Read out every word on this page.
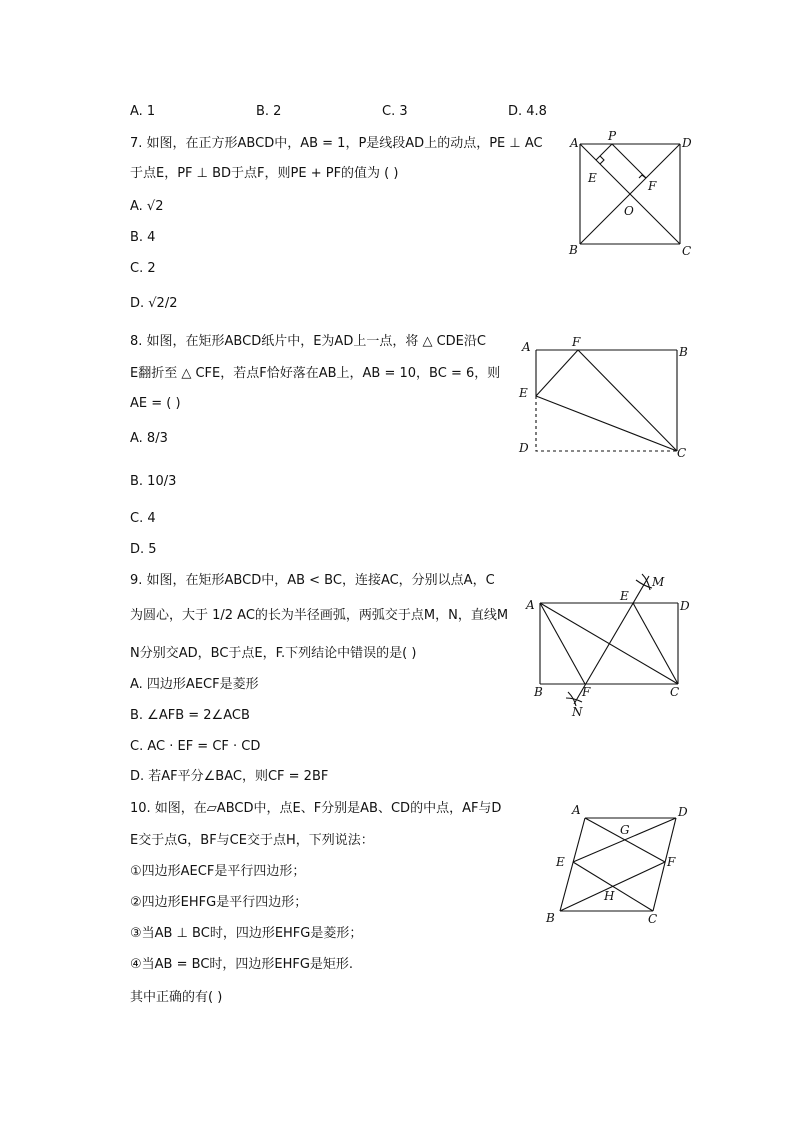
A. 1	B. 2	C. 3	D. 4.8
7. 如图，在正方形ABCD中，AB = 1，P是线段AD上的动点，PE ⊥ AC
于点E，PF ⊥ BD于点F，则PE + PF的值为 ( )
A. √2
B. 4
C. 2
D. √2/2
A P	D
E
F
O
B	C
8. 如图，在矩形ABCD纸片中，E为AD上一点，将 △ CDE沿C
E翻折至 △ CFE，若点F恰好落在AB上，AB = 10，BC = 6，则
AE = ( )
A. 8/3
B. 10/3
C. 4
D. 5
A	F
B
E
D	C
9. 如图，在矩形ABCD中，AB < BC，连接AC，分别以点A，C
为圆心，大于 1/2 AC的长为半径画弧，两弧交于点M，N，直线M
N分别交AD，BC于点E，F.下列结论中错误的是( )
A. 四边形AECF是菱形
B. ∠AFB = 2∠ACB
C. AC · EF = CF · CD
D. 若AF平分∠BAC，则CF = 2BF
M
A
E
D
B	F	C
N
10. 如图，在▱ABCD中，点E、F分别是AB、CD的中点，AF与D
E交于点G，BF与CE交于点H，下列说法：
①四边形AECF是平行四边形；
②四边形EHFG是平行四边形；
③当AB ⊥ BC时，四边形EHFG是菱形；
④当AB = BC时，四边形EHFG是矩形.
其中正确的有( )
A	D
G
E	F
H
B	C
